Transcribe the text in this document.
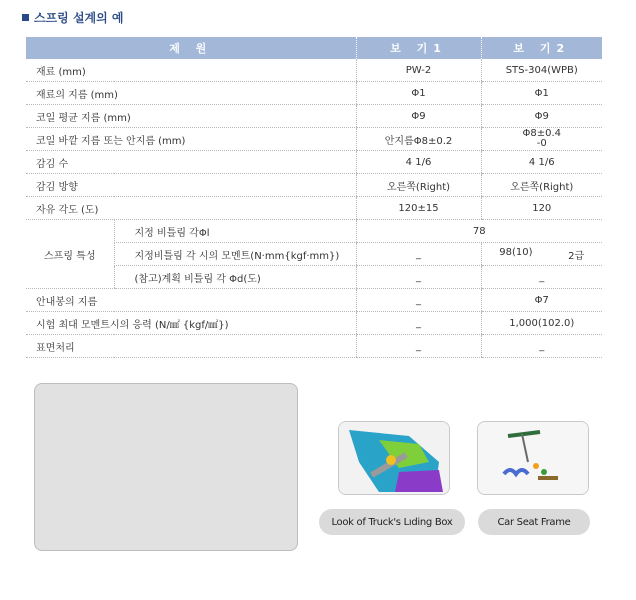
스프링 설계의 예
제 원		보 기1	보 기2
재료 (mm)		PW-2	STS-304(WPB)
재료의 지름 (mm)		Φ1	Φ1
코일 평균 지름 (mm)		Φ9	Φ9
코일 바깥 지름 또는 안지름 (mm)		안지름Φ8±0.2	Φ8±0.4
-0

감김 수		4 1/6	4 1/6
감김 방향		오른쪽(Right)	오른쪽(Right)
자유 각도 (도)		120±15	120
스프링 특성	지정 비틀림 각Φl	78	
	지정비틀림 각 시의 모멘트(N·mm{kgf·mm})	_	98(10) 2급

	(참고)계획 비틀림 각 Φd(도)	_	_
안내봉의 지름		_	Φ7
시험 최대 모멘트시의 응력 (N/㎟ {kgf/㎟})		_	1,000(102.0)
표면처리		_	_
Look of Truck's Lıding Box	Car Seat Frame
